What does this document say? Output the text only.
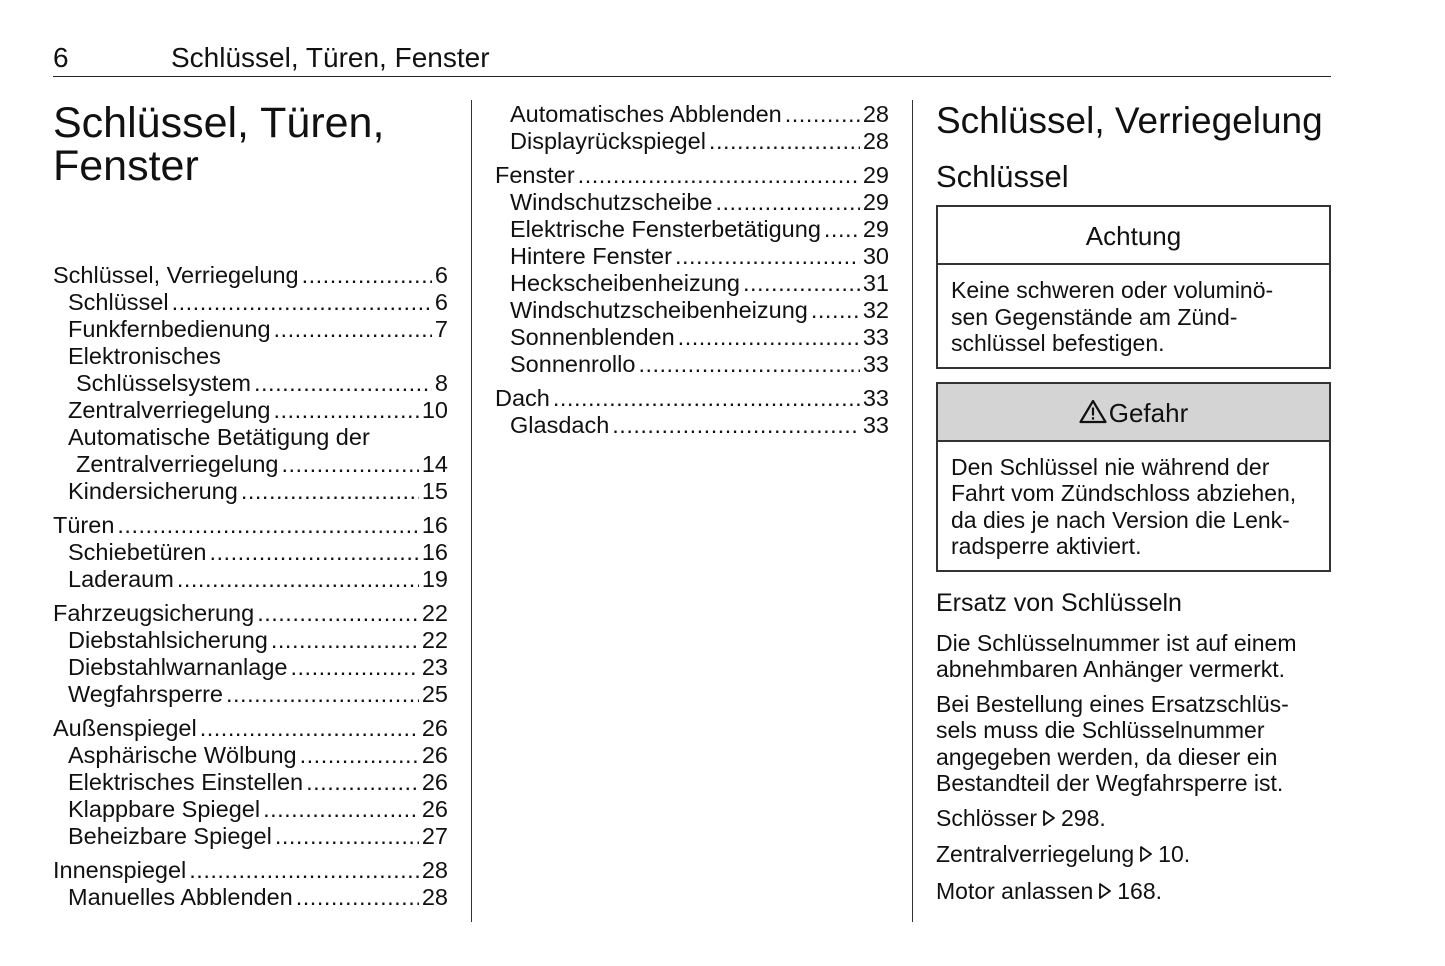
6	Schlüssel, Türen, Fenster
Schlüssel, Türen,
Fenster
Schlüssel, Verriegelung .....	6
Schlüssel .....	6
Funkfernbedienung .....	7
Elektronisches
Schlüsselsystem .....	8
Zentralverriegelung .....	10
Automatische Betätigung der
Zentralverriegelung .....	14
Kindersicherung .....	15
Türen .....	16
Schiebetüren .....	16
Laderaum .....	19
Fahrzeugsicherung .....	22
Diebstahlsicherung .....	22
Diebstahlwarnanlage .....	23
Wegfahrsperre .....	25
Außenspiegel .....	26
Asphärische Wölbung .....	26
Elektrisches Einstellen .....	26
Klappbare Spiegel .....	26
Beheizbare Spiegel .....	27
Innenspiegel .....	28
Manuelles Abblenden .....	28
Automatisches Abblenden .....	28
Displayrückspiegel .....	28
Fenster .....	29
Windschutzscheibe .....	29
Elektrische Fensterbetätigung ..... 29
Hintere Fenster .....	30
Heckscheibenheizung .....	31
Windschutzscheibenheizung ..... 32
Sonnenblenden .....	33
Sonnenrollo .....	33
Dach .....	33
Glasdach .....	33
Schlüssel, Verriegelung
Schlüssel
Achtung
Keine schweren oder voluminö-
sen Gegenstände am Zünd-
schlüssel befestigen.
Gefahr
Den Schlüssel nie während der
Fahrt vom Zündschloss abziehen,
da dies je nach Version die Lenk-
radsperre aktiviert.
Ersatz von Schlüsseln

Die Schlüsselnummer ist auf einem
abnehmbaren Anhänger vermerkt.

Bei Bestellung eines Ersatzschlüs-
sels muss die Schlüsselnummer
angegeben werden, da dieser ein
Bestandteil der Wegfahrsperre ist.

Schlösser 298.

Zentralverriegelung 10.

Motor anlassen 168.
